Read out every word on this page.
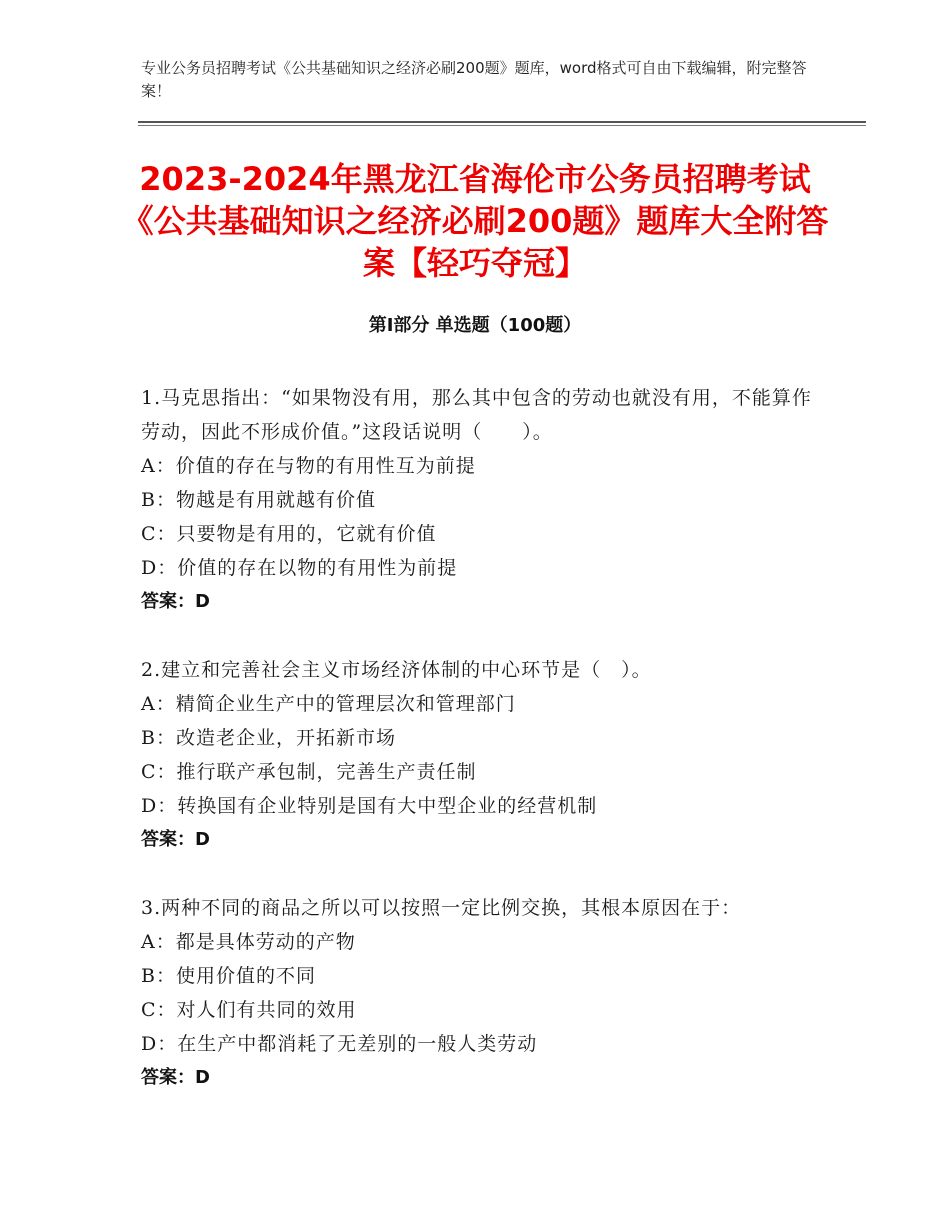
专业公务员招聘考试《公共基础知识之经济必刷200题》题库，word格式可自由下载编辑，附完整答案！
2023-2024年黑龙江省海伦市公务员招聘考试《公共基础知识之经济必刷200题》题库大全附答案【轻巧夺冠】
第Ⅰ部分 单选题（100题）
1.马克思指出：“如果物没有用，那么其中包含的劳动也就没有用，不能算作劳动，因此不形成价值。”这段话说明（　　）。
A：价值的存在与物的有用性互为前提
B：物越是有用就越有价值
C：只要物是有用的，它就有价值
D：价值的存在以物的有用性为前提
答案：D
2.建立和完善社会主义市场经济体制的中心环节是（　）。
A：精简企业生产中的管理层次和管理部门
B：改造老企业，开拓新市场
C：推行联产承包制，完善生产责任制
D：转换国有企业特别是国有大中型企业的经营机制
答案：D
3.两种不同的商品之所以可以按照一定比例交换，其根本原因在于：
A：都是具体劳动的产物
B：使用价值的不同
C：对人们有共同的效用
D：在生产中都消耗了无差别的一般人类劳动
答案：D
